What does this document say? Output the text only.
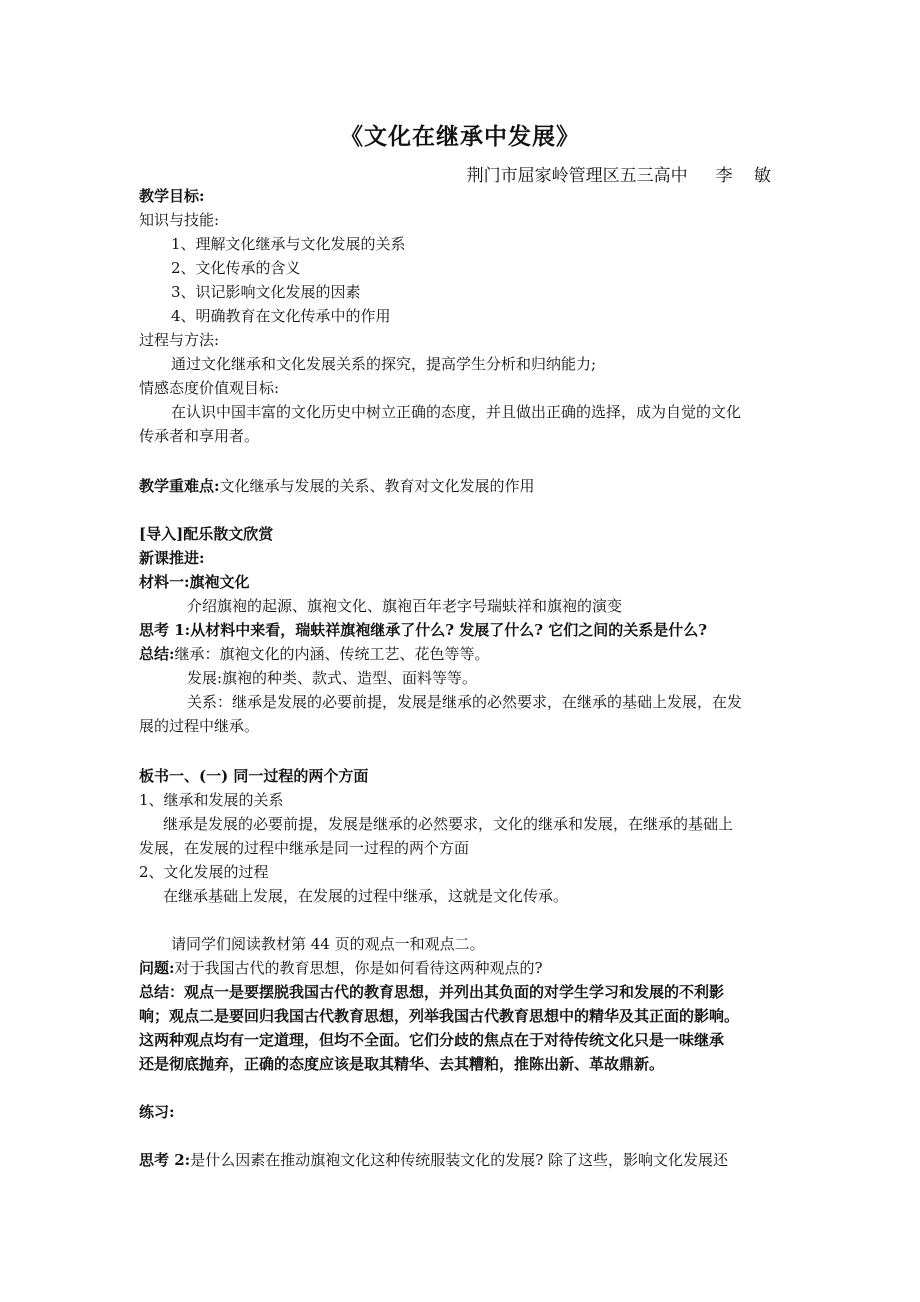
《文化在继承中发展》
荆门市屈家岭管理区五三高中 李 敏
教学目标:
知识与技能:
1、理解文化继承与文化发展的关系
2、文化传承的含义
3、识记影响文化发展的因素
4、明确教育在文化传承中的作用
过程与方法:
通过文化继承和文化发展关系的探究，提高学生分析和归纳能力;
情感态度价值观目标:
在认识中国丰富的文化历史中树立正确的态度，并且做出正确的选择，成为自觉的文化
传承者和享用者。
教学重难点:文化继承与发展的关系、教育对文化发展的作用
[导入]配乐散文欣赏
新课推进:
材料一:旗袍文化
介绍旗袍的起源、旗袍文化、旗袍百年老字号瑞蚨祥和旗袍的演变
思考 1:从材料中来看，瑞蚨祥旗袍继承了什么? 发展了什么? 它们之间的关系是什么?
总结:继承：旗袍文化的内涵、传统工艺、花色等等。
发展:旗袍的种类、款式、造型、面料等等。
关系：继承是发展的必要前提，发展是继承的必然要求，在继承的基础上发展，在发
展的过程中继承。
板书一、(一) 同一过程的两个方面
1、继承和发展的关系
继承是发展的必要前提，发展是继承的必然要求，文化的继承和发展，在继承的基础上
发展，在发展的过程中继承是同一过程的两个方面
2、文化发展的过程
在继承基础上发展，在发展的过程中继承，这就是文化传承。
请同学们阅读教材第 44 页的观点一和观点二。
问题:对于我国古代的教育思想，你是如何看待这两种观点的?
总结：观点一是要摆脱我国古代的教育思想，并列出其负面的对学生学习和发展的不利影
响；观点二是要回归我国古代教育思想，列举我国古代教育思想中的精华及其正面的影响。
这两种观点均有一定道理，但均不全面。它们分歧的焦点在于对待传统文化只是一味继承
还是彻底抛弃，正确的态度应该是取其精华、去其糟粕，推陈出新、革故鼎新。
练习:
思考 2:是什么因素在推动旗袍文化这种传统服装文化的发展? 除了这些，影响文化发展还
